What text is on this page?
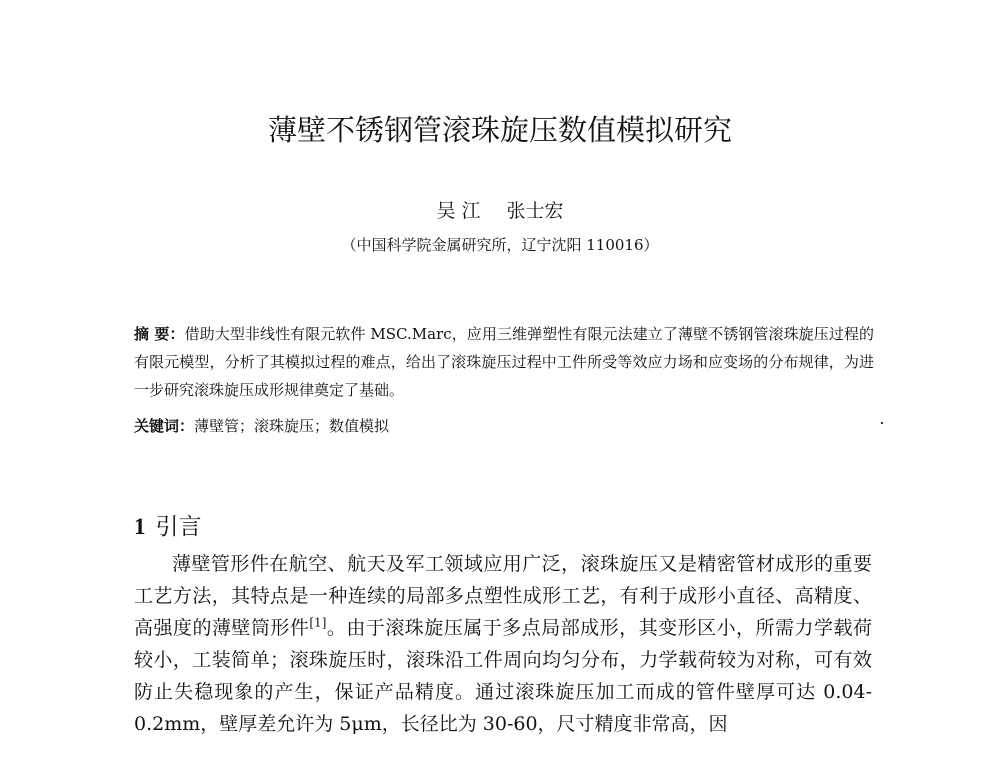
薄壁不锈钢管滚珠旋压数值模拟研究
吴 江 张士宏
（中国科学院金属研究所，辽宁沈阳 110016）
摘 要：借助大型非线性有限元软件 MSC.Marc，应用三维弹塑性有限元法建立了薄壁不锈钢管滚珠旋压过程的有限元模型，分析了其模拟过程的难点，给出了滚珠旋压过程中工件所受等效应力场和应变场的分布规律，为进一步研究滚珠旋压成形规律奠定了基础。
关键词：薄壁管；滚珠旋压；数值模拟
1 引言

薄壁管形件在航空、航天及军工领域应用广泛，滚珠旋压又是精密管材成形的重要工艺方法，其特点是一种连续的局部多点塑性成形工艺，有利于成形小直径、高精度、高强度的薄壁筒形件[1]。由于滚珠旋压属于多点局部成形，其变形区小，所需力学载荷较小，工装简单；滚珠旋压时，滚珠沿工件周向均匀分布，力学载荷较为对称，可有效防止失稳现象的产生，保证产品精度。通过滚珠旋压加工而成的管件壁厚可达 0.04-0.2mm，壁厚差允许为 5μm，长径比为 30-60，尺寸精度非常高，因
